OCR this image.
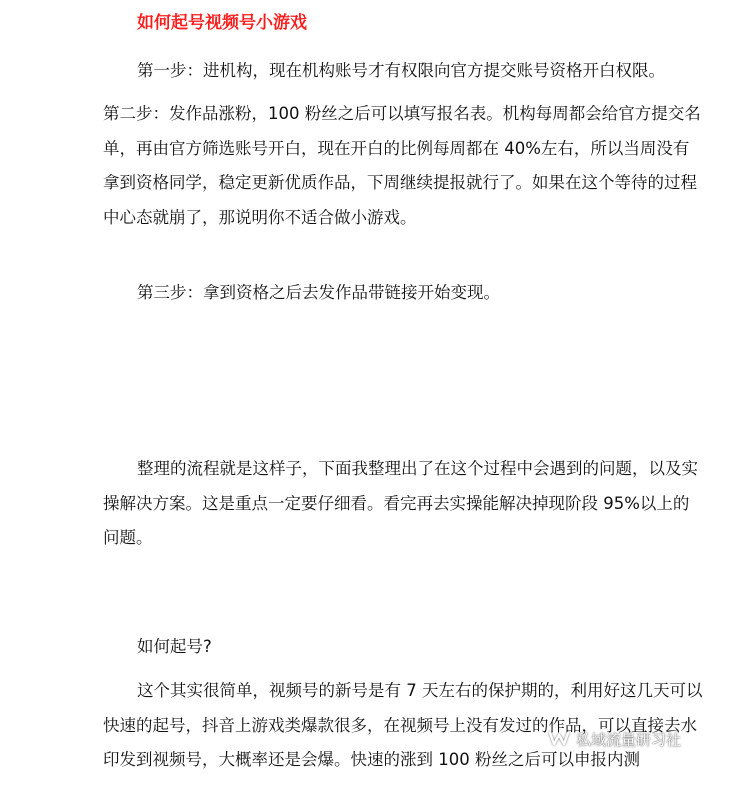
如何起号视频号小游戏

第一步：进机构，现在机构账号才有权限向官方提交账号资格开白权限。

第二步：发作品涨粉，100 粉丝之后可以填写报名表。机构每周都会给官方提交名单，再由官方筛选账号开白，现在开白的比例每周都在 40%左右，所以当周没有拿到资格同学，稳定更新优质作品，下周继续提报就行了。如果在这个等待的过程中心态就崩了，那说明你不适合做小游戏。

第三步：拿到资格之后去发作品带链接开始变现。

整理的流程就是这样子，下面我整理出了在这个过程中会遇到的问题，以及实操解决方案。这是重点一定要仔细看。看完再去实操能解决掉现阶段 95%以上的问题。

如何起号?

这个其实很简单，视频号的新号是有 7 天左右的保护期的，利用好这几天可以快速的起号，抖音上游戏类爆款很多，在视频号上没有发过的作品，可以直接去水印发到视频号，大概率还是会爆。快速的涨到 100 粉丝之后可以申报内测

私域流量研习社
